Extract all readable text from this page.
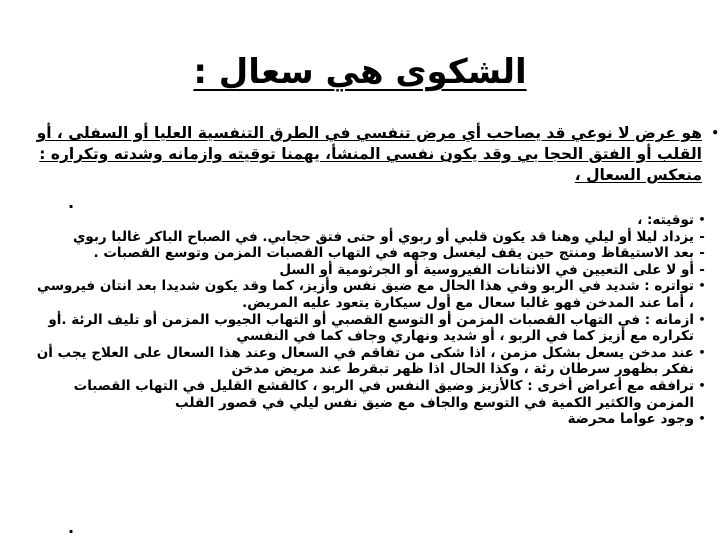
الشكوى هي سعال :
•
هو عرض لا نوعي قد يصاحب أي مرض تنفسي في الطرق التنفسية العليا أو السفلى ، أو القلب أو الفتق الحجا بي وقد يكون نفسي المنشأ، يهمنا توقيته وازمانه وشدته وتكراره : منعكس السعال ،
.
•
توقيته: ،
-
يزداد ليلا أو ليلي وهنا قد يكون قلبي أو ربوي أو حتى فتق حجابي. في الصباح الباكر غالبا ربوي
-
بعد الاستيقاظ ومنتج حين يقف ليغسل وجهه في التهاب القصبات المزمن وتوسع القصبات .
-
أو لا على التعيين في الانتانات الفيروسية أو الجرثومية أو السل
•
تواتره : شديد في الربو وفي هذا الحال مع ضيق نفس وأزيز، كما وقد يكون شديدا بعد انتان فيروسي ، أما عند المدخن فهو غالبا سعال مع أول سيكارة يتعود عليه المريض.
•
ازمانه : في التهاب القصبات المزمن أو التوسع القصبي أو التهاب الجيوب المزمن أو تليف الرئة .أو تكراره مع أزيز كما في الربو ، أو شديد ونهاري وجاف كما في النفسي
•
عند مدخن يسعل بشكل مزمن ، اذا شكى من تفاقم في السعال وعند هذا السعال على العلاج يجب أن نفكر بظهور سرطان رئة ، وكذا الحال اذا ظهر تبقرط عند مريض مدخن
•
ترافقه مع أعراض أخرى : كالأزيز وضيق النفس في الربو ، كالقشع القليل في التهاب القصبات المزمن والكثير الكمية في التوسع والجاف مع ضيق نفس ليلي في قصور القلب
•
وجود عواما محرضة
.
